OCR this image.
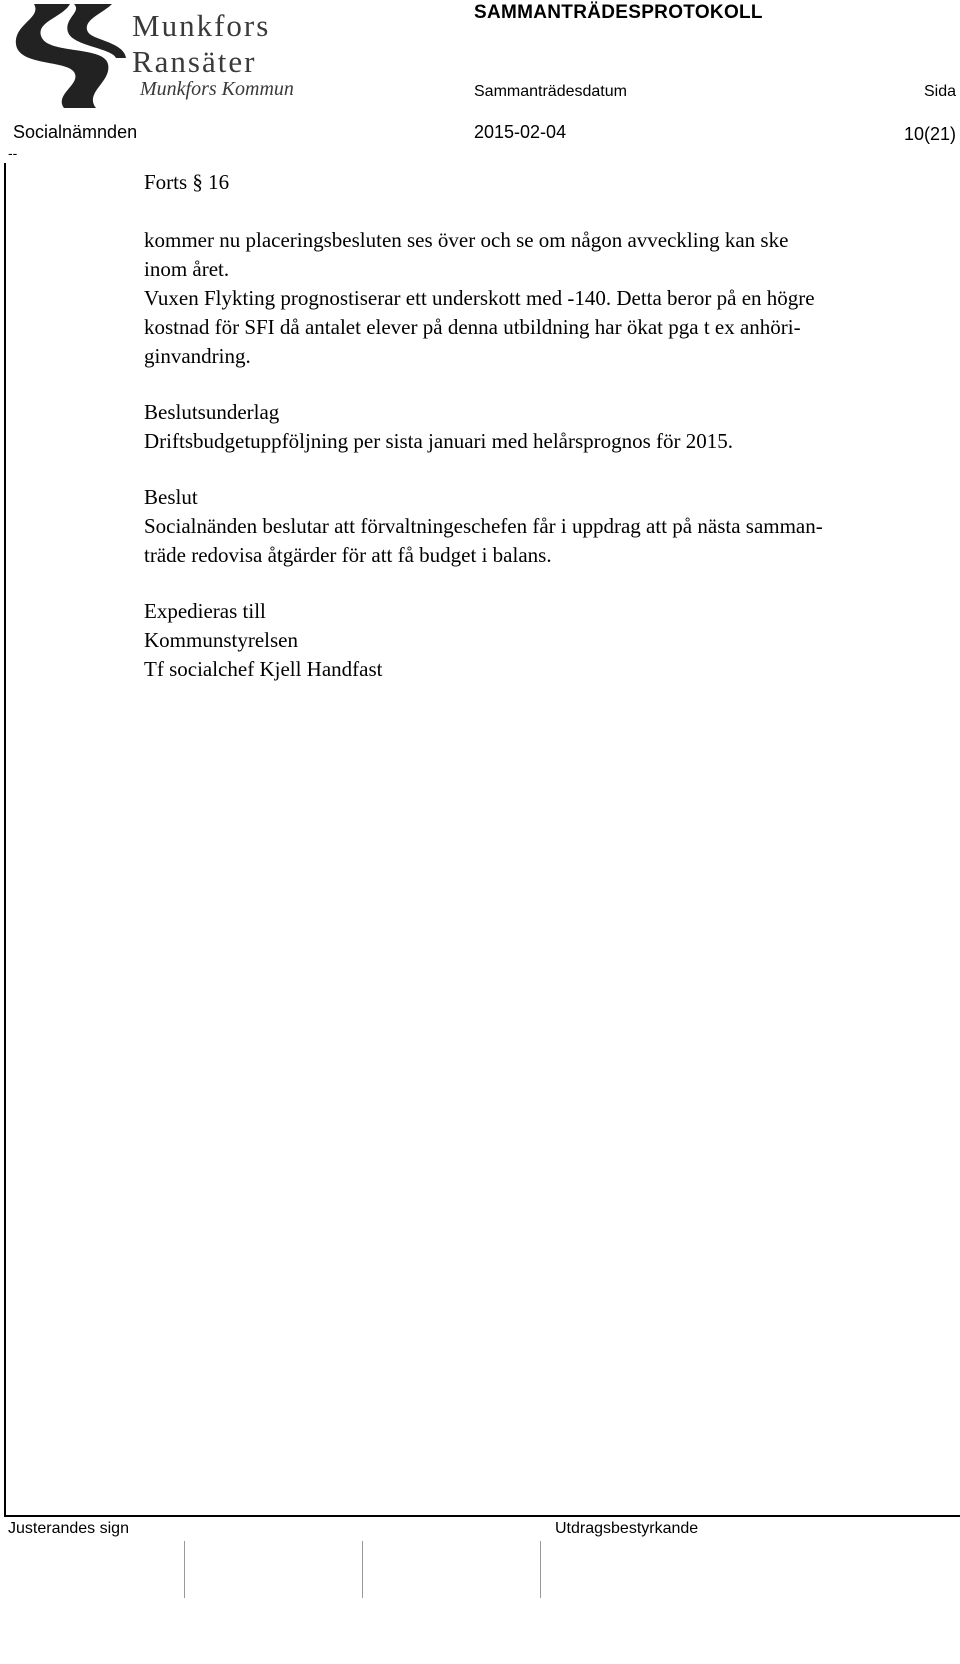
Munkfors
Ransäter
Munkfors Kommun
SAMMANTRÄDESPROTOKOLL
Sammanträdesdatum	Sida
Socialnämnden	2015-02-04	10(21)
--

Forts § 16

kommer nu placeringsbesluten ses över och se om någon avveckling kan ske

inom året.

Vuxen Flykting prognostiserar ett underskott med -140. Detta beror på en högre

kostnad för SFI då antalet elever på denna utbildning har ökat pga t ex anhöri-

ginvandring.

Beslutsunderlag

Driftsbudgetuppföljning per sista januari med helårsprognos för 2015.

Beslut

Socialnänden beslutar att förvaltningeschefen får i uppdrag att på nästa samman-

träde redovisa åtgärder för att få budget i balans.

Expedieras till

Kommunstyrelsen

Tf socialchef Kjell Handfast

Justerandes sign	Utdragsbestyrkande
